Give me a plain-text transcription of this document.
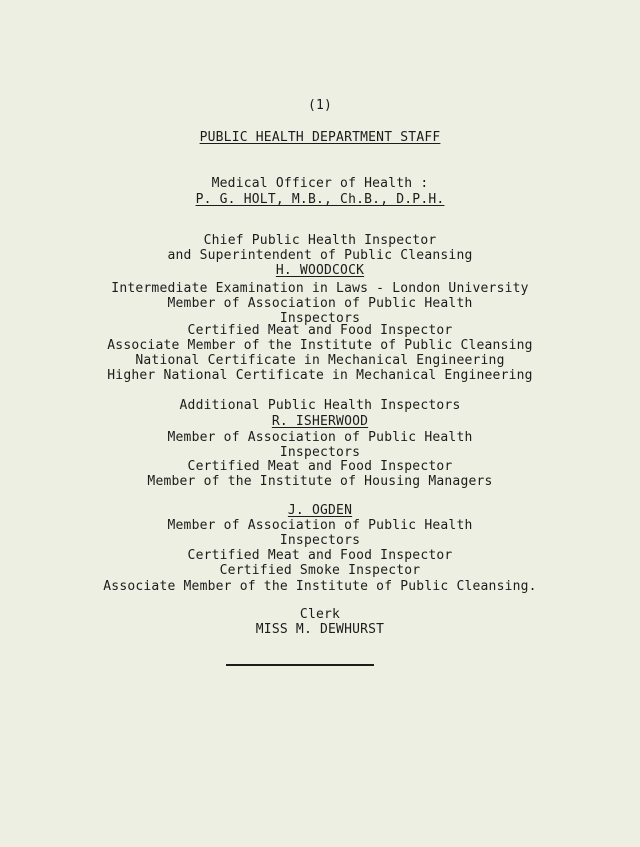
(1)
PUBLIC HEALTH DEPARTMENT STAFF
Medical Officer of Health :
P. G. HOLT, M.B., Ch.B., D.P.H.
Chief Public Health Inspector
and Superintendent of Public Cleansing
H. WOODCOCK
Intermediate Examination in Laws - London University
Member of Association of Public Health
Inspectors
Certified Meat and Food Inspector
Associate Member of the Institute of Public Cleansing
National Certificate in Mechanical Engineering
Higher National Certificate in Mechanical Engineering
Additional Public Health Inspectors
R. ISHERWOOD
Member of Association of Public Health
Inspectors
Certified Meat and Food Inspector
Member of the Institute of Housing Managers
J. OGDEN
Member of Association of Public Health
Inspectors
Certified Meat and Food Inspector
Certified Smoke Inspector
Associate Member of the Institute of Public Cleansing.
Clerk
MISS M. DEWHURST
